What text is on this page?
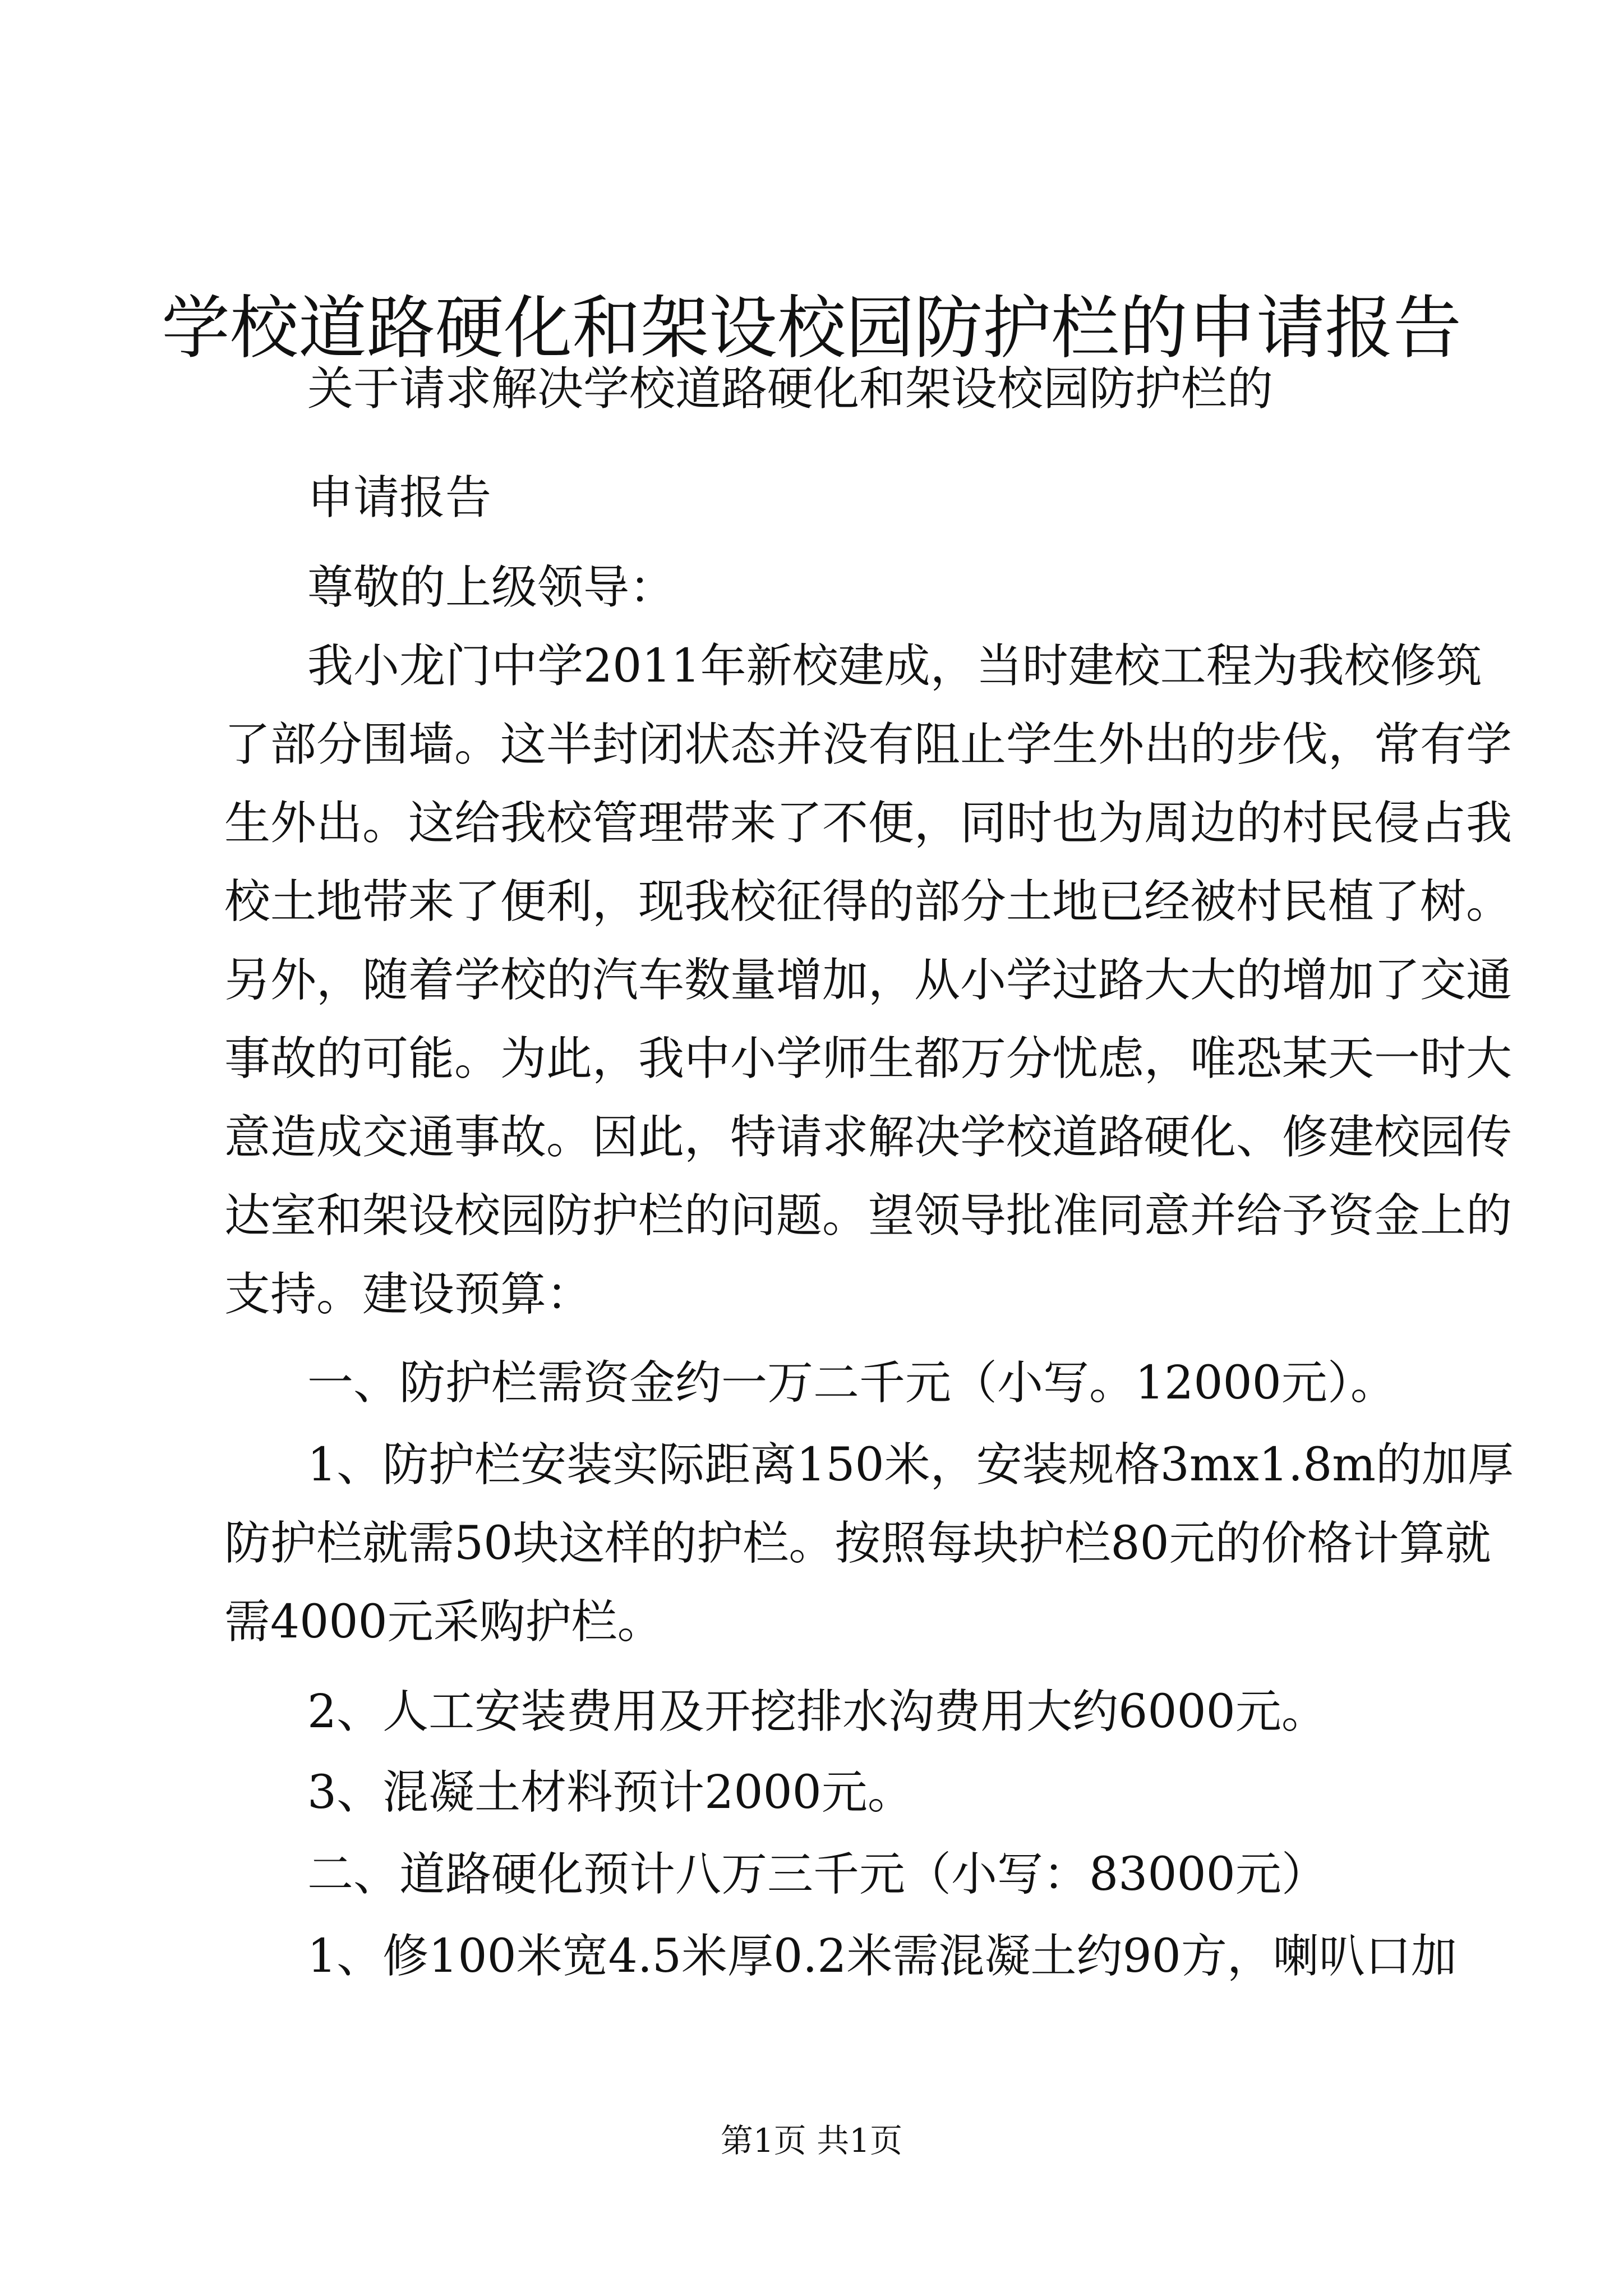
学校道路硬化和架设校园防护栏的申请报告

关于请求解决学校道路硬化和架设校园防护栏的

申请报告

尊敬的上级领导：

我小龙门中学2011年新校建成，当时建校工程为我校修筑
了部分围墙。这半封闭状态并没有阻止学生外出的步伐，常有学
生外出。这给我校管理带来了不便，同时也为周边的村民侵占我
校土地带来了便利，现我校征得的部分土地已经被村民植了树。
另外，随着学校的汽车数量增加，从小学过路大大的增加了交通
事故的可能。为此，我中小学师生都万分忧虑，唯恐某天一时大
意造成交通事故。因此，特请求解决学校道路硬化、修建校园传
达室和架设校园防护栏的问题。望领导批准同意并给予资金上的
支持。建设预算：

一、防护栏需资金约一万二千元（小写。12000元）。

1、防护栏安装实际距离150米，安装规格3mx1.8m的加厚
防护栏就需50块这样的护栏。按照每块护栏80元的价格计算就
需4000元采购护栏。

2、人工安装费用及开挖排水沟费用大约6000元。

3、混凝土材料预计2000元。

二、道路硬化预计八万三千元（小写：83000元）

1、修100米宽4.5米厚0.2米需混凝土约90方，喇叭口加

第1页 共1页
